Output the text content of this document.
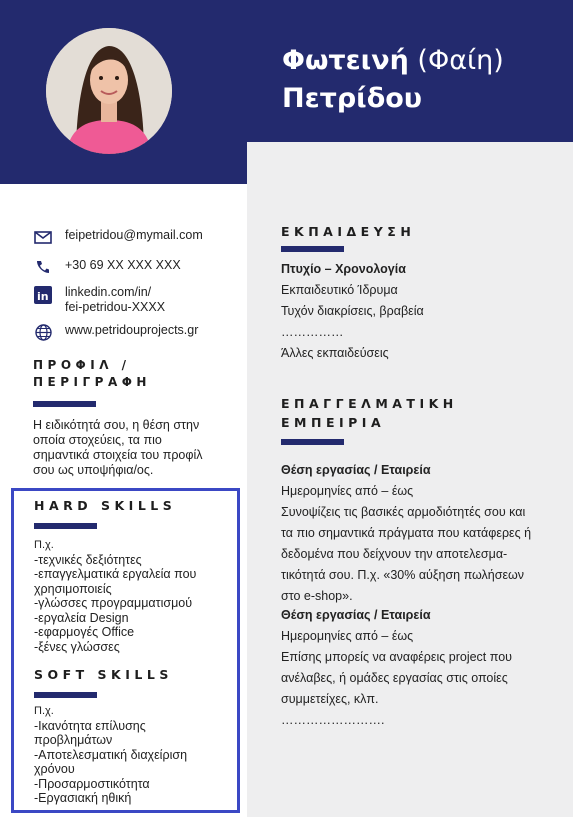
Φωτεινή (Φαίη)
Πετρίδου
feipetridou@mymail.com
+30 69 XX XXX XXX
in linkedin.com/in/
fei-petridou-XXXX
www.petridouprojects.gr
ΠΡΟΦΙΛ /
ΠΕΡΙΓΡΑΦΗ
Η ειδικότητά σου, η θέση στην
οποία στοχεύεις, τα πιο
σημαντικά στοιχεία του προφίλ
σου ως υποψήφια/ος.
HARD SKILLS
Π.χ.
-τεχνικές δεξιότητες
-επαγγελματικά εργαλεία που
χρησιμοποιείς
-γλώσσες προγραμματισμού
-εργαλεία Design
-εφαρμογές Office
-ξένες γλώσσες
SOFT SKILLS
Π.χ.
-Ικανότητα επίλυσης
προβλημάτων
-Αποτελεσματική διαχείριση
χρόνου
-Προσαρμοστικότητα
-Εργασιακή ηθική
ΕΚΠΑΙΔΕΥΣΗ
Πτυχίο – Χρονολογία
Εκπαιδευτικό Ίδρυμα
Τυχόν διακρίσεις, βραβεία
……………
Άλλες εκπαιδεύσεις
ΕΠΑΓΓΕΛΜΑΤΙΚΗ
ΕΜΠΕΙΡΙΑ
Θέση εργασίας / Εταιρεία
Ημερομηνίες από – έως
Συνοψίζεις τις βασικές αρμοδιότητές σου και
τα πιο σημαντικά πράγματα που κατάφερες ή
δεδομένα που δείχνουν την αποτελεσμα-
τικότητά σου. Π.χ. «30% αύξηση πωλήσεων
στο e-shop».
Θέση εργασίας / Εταιρεία
Ημερομηνίες από – έως
Επίσης μπορείς να αναφέρεις project που
ανέλαβες, ή ομάδες εργασίας στις οποίες
συμμετείχες, κλπ.
…………………….
